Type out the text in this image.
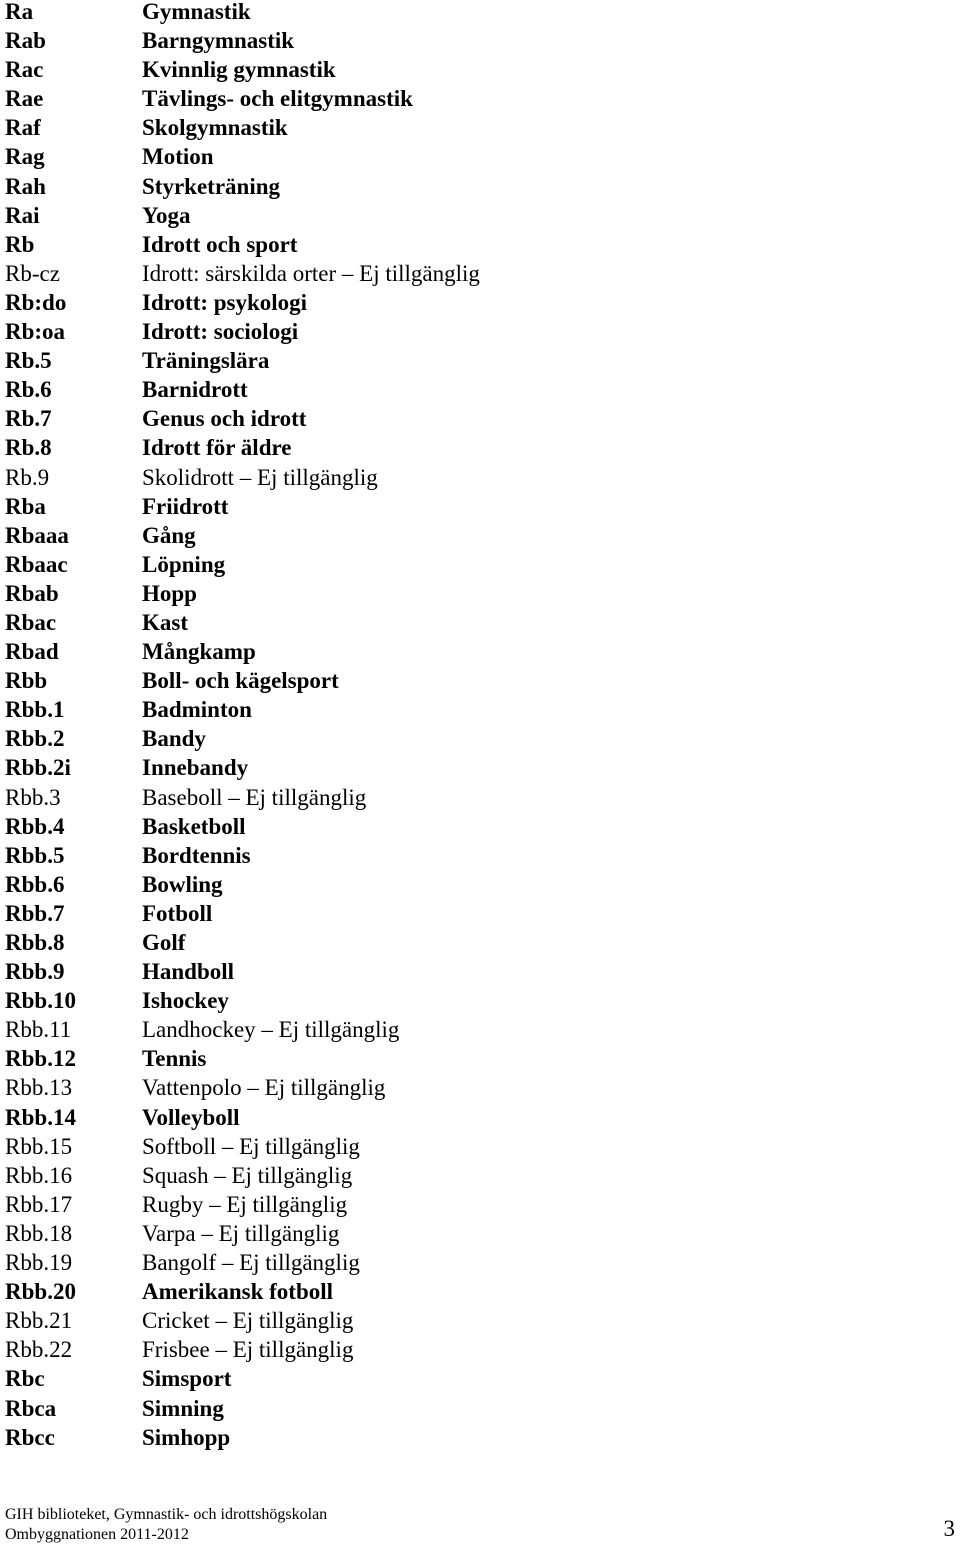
Ra	Gymnastik
Rab	Barngymnastik
Rac	Kvinnlig gymnastik
Rae	Tävlings- och elitgymnastik
Raf	Skolgymnastik
Rag	Motion
Rah	Styrketräning
Rai	Yoga
Rb	Idrott och sport
Rb-cz	Idrott: särskilda orter – Ej tillgänglig
Rb:do	Idrott: psykologi
Rb:oa	Idrott: sociologi
Rb.5	Träningslära
Rb.6	Barnidrott
Rb.7	Genus och idrott
Rb.8	Idrott för äldre
Rb.9	Skolidrott – Ej tillgänglig
Rba	Friidrott
Rbaaa	Gång
Rbaac	Löpning
Rbab	Hopp
Rbac	Kast
Rbad	Mångkamp
Rbb	Boll- och kägelsport
Rbb.1	Badminton
Rbb.2	Bandy
Rbb.2i	Innebandy
Rbb.3	Baseboll – Ej tillgänglig
Rbb.4	Basketboll
Rbb.5	Bordtennis
Rbb.6	Bowling
Rbb.7	Fotboll
Rbb.8	Golf
Rbb.9	Handboll
Rbb.10	Ishockey
Rbb.11	Landhockey – Ej tillgänglig
Rbb.12	Tennis
Rbb.13	Vattenpolo – Ej tillgänglig
Rbb.14	Volleyboll
Rbb.15	Softboll – Ej tillgänglig
Rbb.16	Squash – Ej tillgänglig
Rbb.17	Rugby – Ej tillgänglig
Rbb.18	Varpa – Ej tillgänglig
Rbb.19	Bangolf – Ej tillgänglig
Rbb.20	Amerikansk fotboll
Rbb.21	Cricket – Ej tillgänglig
Rbb.22	Frisbee – Ej tillgänglig
Rbc	Simsport
Rbca	Simning
Rbcc	Simhopp
GIH biblioteket, Gymnastik- och idrottshögskolan
Ombyggnationen 2011-2012	3
